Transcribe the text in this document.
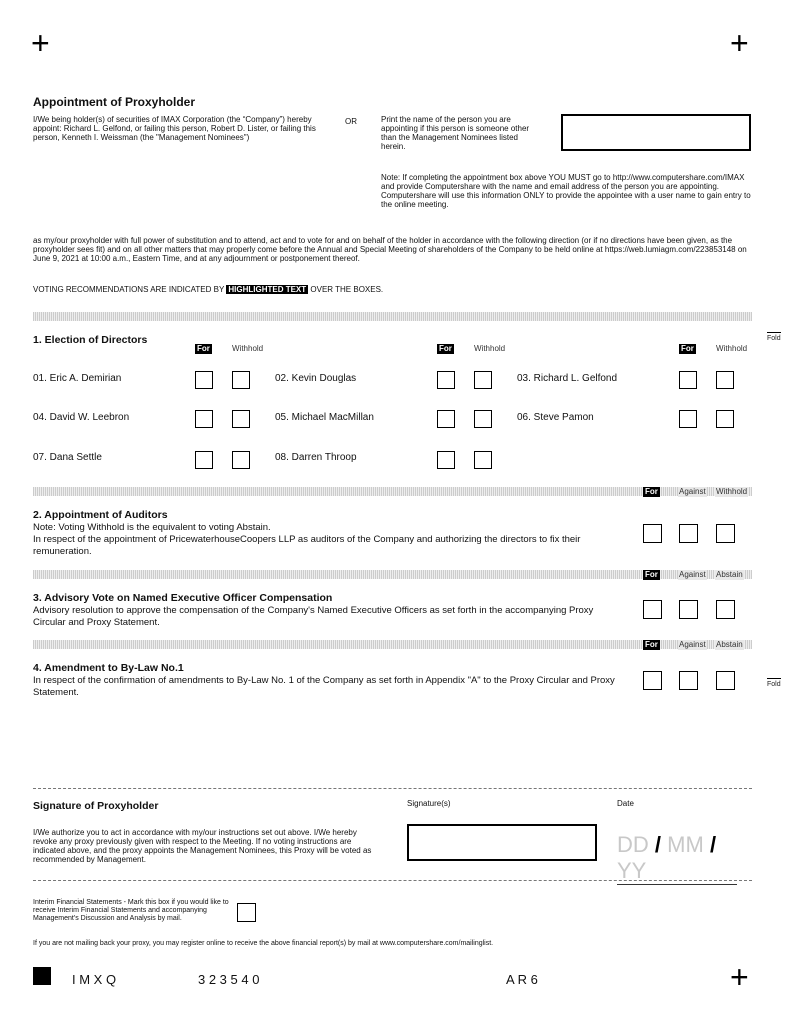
+	+
+
Appointment of Proxyholder
I/We being holder(s) of securities of IMAX Corporation (the “Company”) hereby appoint: Richard L. Gelfond, or failing this person, Robert D. Lister, or failing this person, Kenneth I. Weissman (the "Management Nominees")
OR	Print the name of the person you are appointing if this person is someone other than the Management Nominees listed herein.
Note: If completing the appointment box above YOU MUST go to http://www.computershare.com/IMAX and provide Computershare with the name and email address of the person you are appointing. Computershare will use this information ONLY to provide the appointee with a user name to gain entry to the online meeting.
as my/our proxyholder with full power of substitution and to attend, act and to vote for and on behalf of the holder in accordance with the following direction (or if no directions have been given, as the proxyholder sees fit) and on all other matters that may properly come before the Annual and Special Meeting of shareholders of the Company to be held online at https://web.lumiagm.com/223853148 on June 9, 2021 at 10:00 a.m., Eastern Time, and at any adjournment or postponement thereof.
VOTING RECOMMENDATIONS ARE INDICATED BY HIGHLIGHTED TEXT OVER THE BOXES.
Fold
Fold
1. Election of Directors
For	Withhold	For	Withhold	For	Withhold
01. Eric A. Demirian	02. Kevin Douglas	03. Richard L. Gelfond
04. David W. Leebron	05. Michael MacMillan	06. Steve Pamon
07. Dana Settle	08. Darren Throop
For	Against Withhold
2. Appointment of Auditors
Note: Voting Withhold is the equivalent to voting Abstain.
In respect of the appointment of PricewaterhouseCoopers LLP as auditors of the Company and authorizing the directors to fix their remuneration.
For	Against Abstain
3. Advisory Vote on Named Executive Officer Compensation
Advisory resolution to approve the compensation of the Company's Named Executive Officers as set forth in the accompanying Proxy Circular and Proxy Statement.
For	Against Abstain
4. Amendment to By-Law No.1
In respect of the confirmation of amendments to By-Law No. 1 of the Company as set forth in Appendix "A" to the Proxy Circular and Proxy Statement.
Signature of Proxyholder	Signature(s)	Date
I/We authorize you to act in accordance with my/our instructions set out above. I/We hereby revoke any proxy previously given with respect to the Meeting. If no voting instructions are indicated above, and the proxy appoints the Management Nominees, this Proxy will be voted as recommended by Management.
DD / MM / YY
Interim Financial Statements - Mark this box if you would like to receive Interim Financial Statements and accompanying Management's Discussion and Analysis by mail.
If you are not mailing back your proxy, you may register online to receive the above financial report(s) by mail at www.computershare.com/mailinglist.
I M X Q	3 2 3 5 4 0	A R 6
